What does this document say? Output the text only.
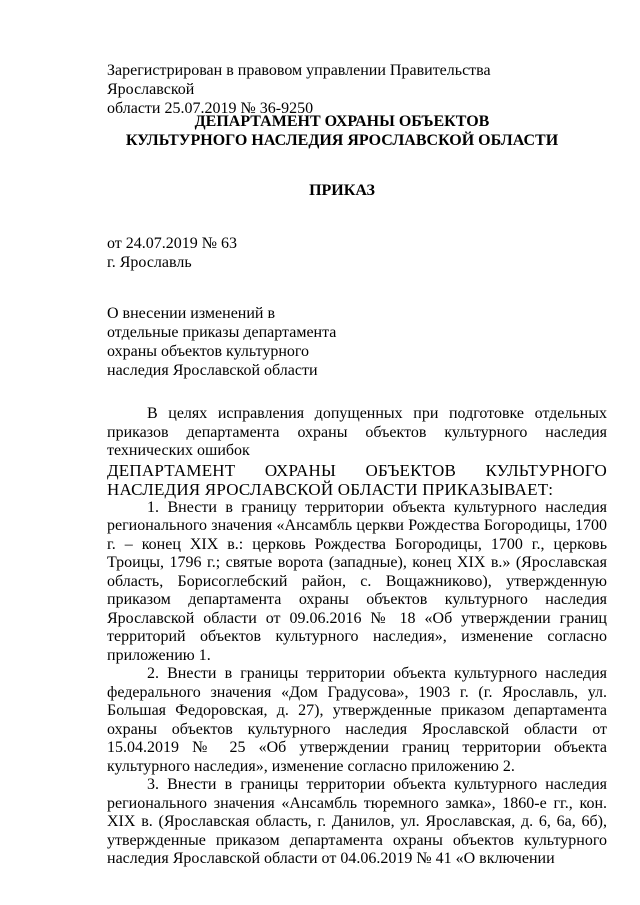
Зарегистрирован в правовом управлении Правительства Ярославской
области 25.07.2019 № 36-9250
ДЕПАРТАМЕНТ ОХРАНЫ ОБЪЕКТОВ
КУЛЬТУРНОГО НАСЛЕДИЯ ЯРОСЛАВСКОЙ ОБЛАСТИ
ПРИКАЗ
от 24.07.2019 № 63
г. Ярославль
О внесении изменений в
отдельные приказы департамента
охраны объектов культурного
наследия Ярославской области

В целях исправления допущенных при подготовке отдельных приказов департамента охраны объектов культурного наследия технических ошибок

ДЕПАРТАМЕНТ ОХРАНЫ ОБЪЕКТОВ КУЛЬТУРНОГО НАСЛЕДИЯ ЯРОСЛАВСКОЙ ОБЛАСТИ ПРИКАЗЫВАЕТ:

1. Внести в границу территории объекта культурного наследия регионального значения «Ансамбль церкви Рождества Богородицы, 1700 г. – конец XIX в.: церковь Рождества Богородицы, 1700 г., церковь Троицы, 1796 г.; святые ворота (западные), конец XIX в.» (Ярославская область, Борисоглебский район, с. Вощажниково), утвержденную приказом департамента охраны объектов культурного наследия Ярославской области от 09.06.2016 № 18 «Об утверждении границ территорий объектов культурного наследия», изменение согласно приложению 1.

2. Внести в границы территории объекта культурного наследия федерального значения «Дом Градусова», 1903 г. (г. Ярославль, ул. Большая Федоровская, д. 27), утвержденные приказом департамента охраны объектов культурного наследия Ярославской области от 15.04.2019 № 25 «Об утверждении границ территории объекта культурного наследия», изменение согласно приложению 2.

3. Внести в границы территории объекта культурного наследия регионального значения «Ансамбль тюремного замка», 1860-е гг., кон. XIX в. (Ярославская область, г. Данилов, ул. Ярославская, д. 6, 6а, 6б), утвержденные приказом департамента охраны объектов культурного наследия Ярославской области от 04.06.2019 № 41 «О включении
